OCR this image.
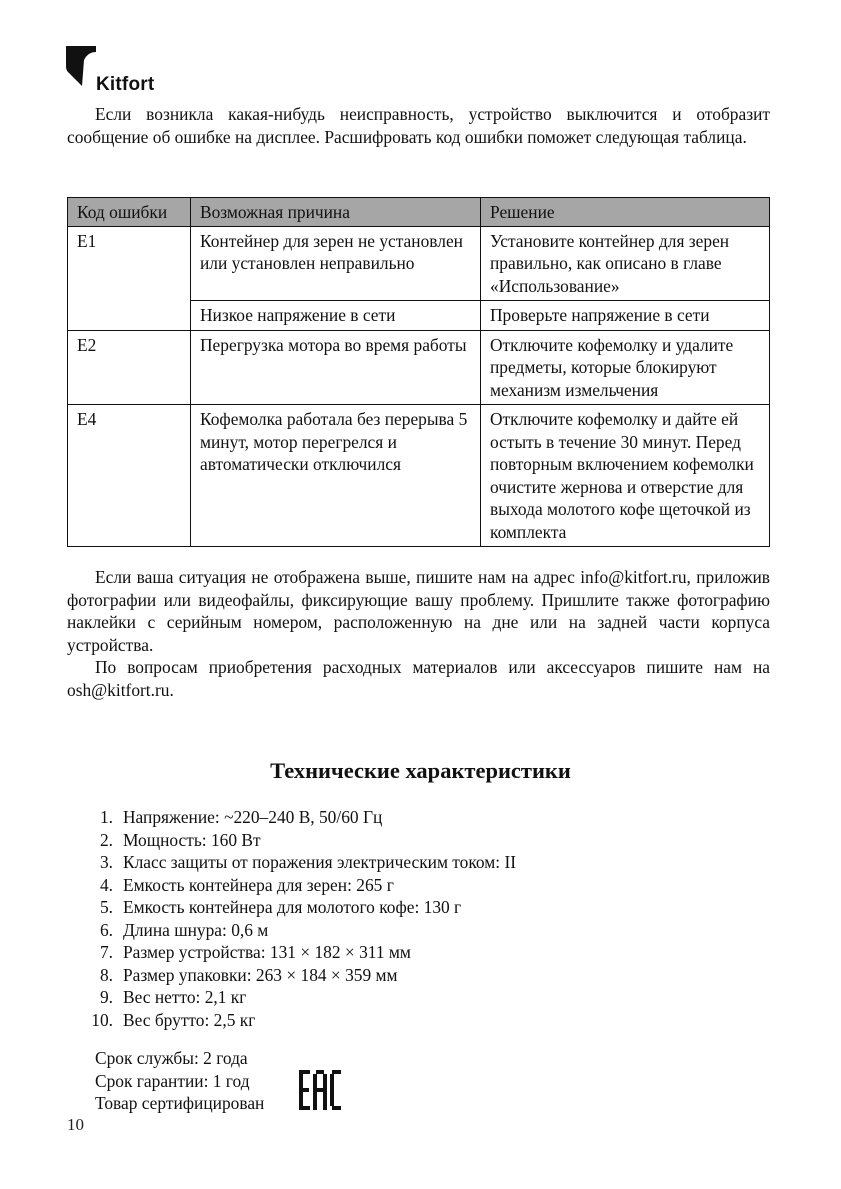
Kitfort

Если возникла какая-нибудь неисправность, устройство выключится и отобразит сообщение об ошибке на дисплее. Расшифровать код ошибки поможет следующая таблица.

Код ошибки	Возможная причина	Решение
E1	Контейнер для зерен не установлен или установлен неправильно	Установите контейнер для зерен правильно, как описано в главе «Использование»
	Низкое напряжение в сети	Проверьте напряжение в сети
E2	Перегрузка мотора во время работы	Отключите кофемолку и удалите предметы, которые блокируют механизм измельчения
E4	Кофемолка работала без перерыва 5 минут, мотор перегрелся и автоматически отключился	Отключите кофемолку и дайте ей остыть в течение 30 минут. Перед повторным включением кофемолки очистите жернова и отверстие для выхода молотого кофе щеточкой из комплекта

Если ваша ситуация не отображена выше, пишите нам на адрес info@kitfort.ru, приложив фотографии или видеофайлы, фиксирующие вашу проблему. Пришлите также фотографию наклейки с серийным номером, расположенную на дне или на задней части корпуса устройства.

По вопросам приобретения расходных материалов или аксессуаров пишите нам на osh@kitfort.ru.

Технические характеристики
1. Напряжение: ~220–240 В, 50/60 Гц
2. Мощность: 160 Вт
3. Класс защиты от поражения электрическим током: II
4. Емкость контейнера для зерен: 265 г
5. Емкость контейнера для молотого кофе: 130 г
6. Длина шнура: 0,6 м
7. Размер устройства: 131 × 182 × 311 мм
8. Размер упаковки: 263 × 184 × 359 мм
9. Вес нетто: 2,1 кг
10. Вес брутто: 2,5 кг
Срок службы: 2 года
Срок гарантии: 1 год
Товар сертифицирован
10
